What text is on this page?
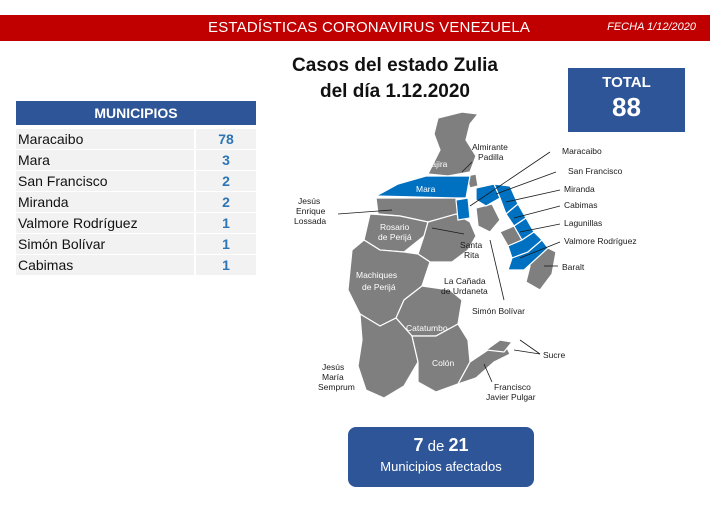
ESTADÍSTICAS CORONAVIRUS VENEZUELA	FECHA 1/12/2020
Casos del estado Zulia
del día 1.12.2020	TOTAL
88
MUNICIPIOS
Maracaibo	78
Mara	3
San Francisco	2
Miranda	2
Valmore Rodríguez	1
Simón Bolívar	1
Cabimas	1
Almirante
Padilla
Jesús
Enrique
Lossada
Santa
Rita
La Cañada
de Urdaneta
Maracaibo
San Francisco
Miranda
Cabimas
Lagunillas
Valmore Rodríguez
Baralt
Simón Bolívar
Sucre
Francisco
Javier Pulgar
Jesús
María
Semprum
Guajira
Mara
Rosario
de Perijá
Machiques
de Perijá
Catatumbo
Colón
7 de 21
Municipios afectados
